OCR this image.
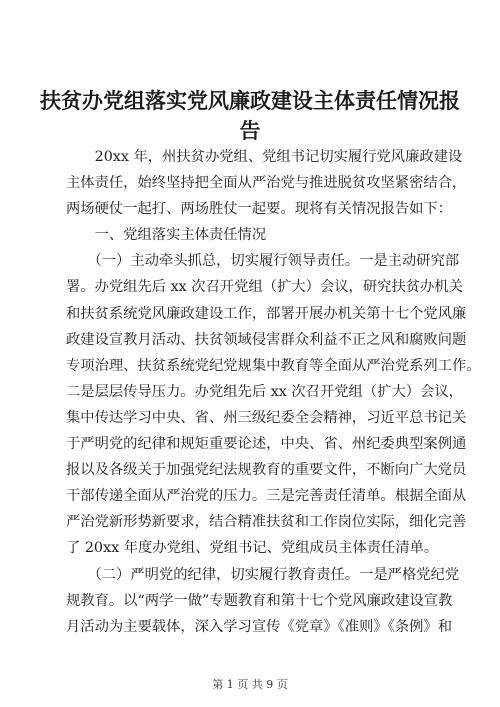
扶贫办党组落实党风廉政建设主体责任情况报
告
　　20xx 年，州扶贫办党组、党组书记切实履行党风廉政建设
主体责任，始终坚持把全面从严治党与推进脱贫攻坚紧密结合，
两场硬仗一起打、两场胜仗一起要。现将有关情况报告如下：
　　一、党组落实主体责任情况
　　（一）主动牵头抓总，切实履行领导责任。一是主动研究部
署。办党组先后 xx 次召开党组（扩大）会议，研究扶贫办机关
和扶贫系统党风廉政建设工作，部署开展办机关第十七个党风廉
政建设宣教月活动、扶贫领域侵害群众利益不正之风和腐败问题
专项治理、扶贫系统党纪党规集中教育等全面从严治党系列工作。
二是层层传导压力。办党组先后 xx 次召开党组（扩大）会议，
集中传达学习中央、省、州三级纪委全会精神，习近平总书记关
于严明党的纪律和规矩重要论述，中央、省、州纪委典型案例通
报以及各级关于加强党纪法规教育的重要文件，不断向广大党员
干部传递全面从严治党的压力。三是完善责任清单。根据全面从
严治党新形势新要求，结合精准扶贫和工作岗位实际，细化完善
了 20xx 年度办党组、党组书记、党组成员主体责任清单。
　　（二）严明党的纪律，切实履行教育责任。一是严格党纪党
规教育。以“两学一做”专题教育和第十七个党风廉政建设宣教
月活动为主要载体，深入学习宣传《党章》《准则》《条例》和
第 1 页 共 9 页
